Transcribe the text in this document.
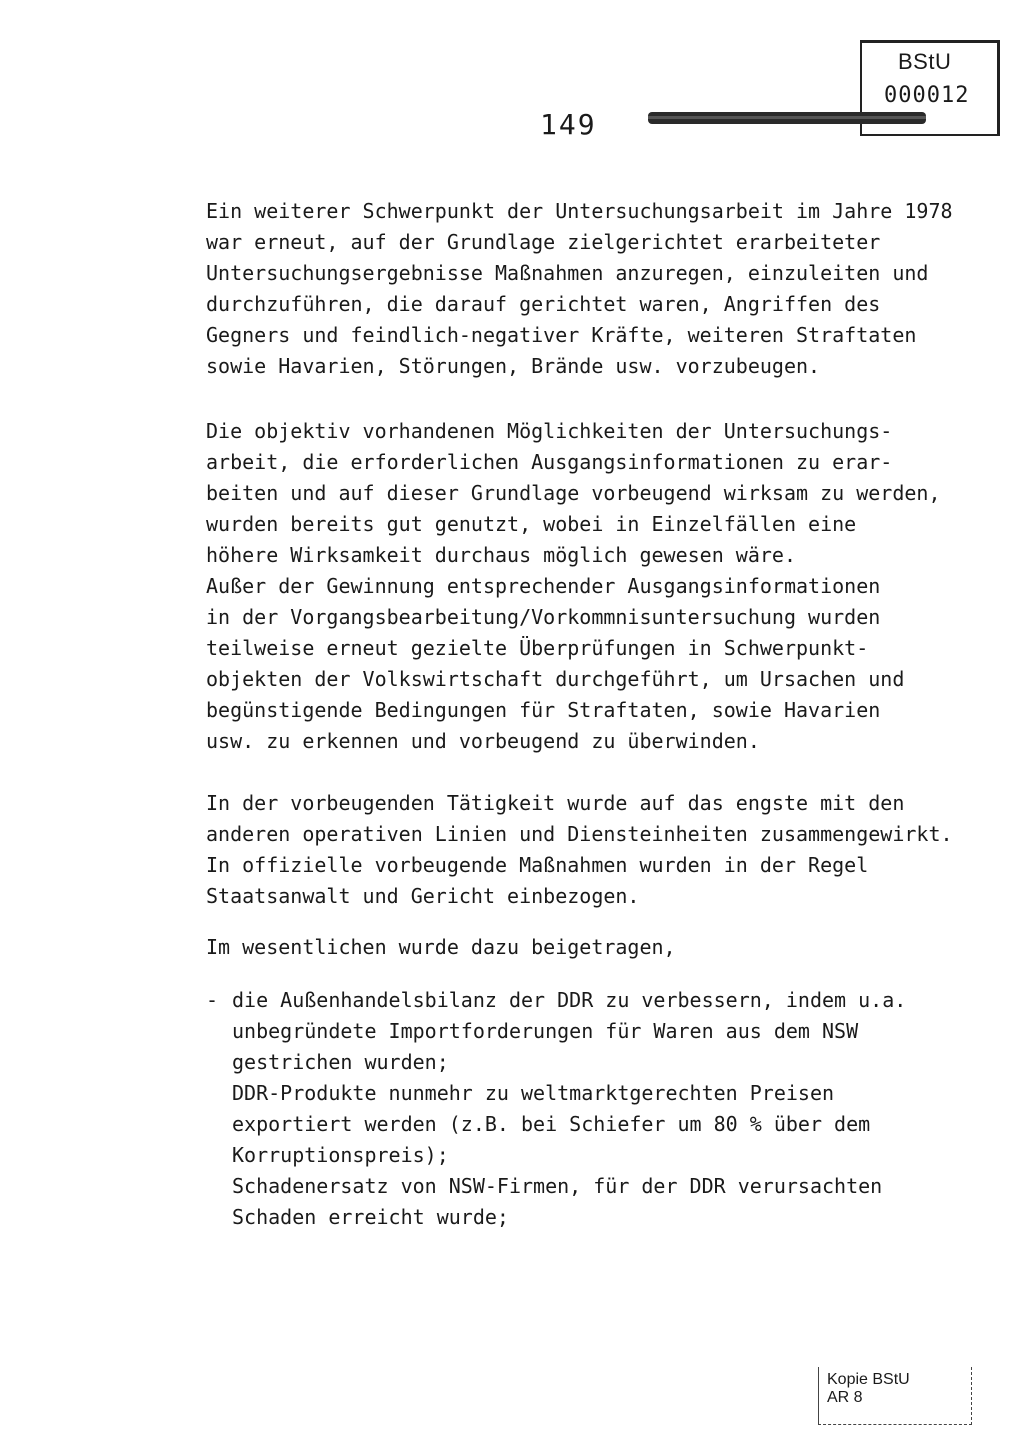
BStU
000012
149

Ein weiterer Schwerpunkt der Untersuchungsarbeit im Jahre 1978
war erneut, auf der Grundlage zielgerichtet erarbeiteter
Untersuchungsergebnisse Maßnahmen anzuregen, einzuleiten und
durchzuführen, die darauf gerichtet waren, Angriffen des
Gegners und feindlich-negativer Kräfte, weiteren Straftaten
sowie Havarien, Störungen, Brände usw. vorzubeugen.

Die objektiv vorhandenen Möglichkeiten der Untersuchungs-
arbeit, die erforderlichen Ausgangsinformationen zu erar-
beiten und auf dieser Grundlage vorbeugend wirksam zu werden,
wurden bereits gut genutzt, wobei in Einzelfällen eine
höhere Wirksamkeit durchaus möglich gewesen wäre.
Außer der Gewinnung entsprechender Ausgangsinformationen
in der Vorgangsbearbeitung/Vorkommnisuntersuchung wurden
teilweise erneut gezielte Überprüfungen in Schwerpunkt-
objekten der Volkswirtschaft durchgeführt, um Ursachen und
begünstigende Bedingungen für Straftaten, sowie Havarien
usw. zu erkennen und vorbeugend zu überwinden.

In der vorbeugenden Tätigkeit wurde auf das engste mit den
anderen operativen Linien und Diensteinheiten zusammengewirkt.
In offizielle vorbeugende Maßnahmen wurden in der Regel
Staatsanwalt und Gericht einbezogen.

Im wesentlichen wurde dazu beigetragen,

- die Außenhandelsbilanz der DDR zu verbessern, indem u.a.
unbegründete Importforderungen für Waren aus dem NSW
gestrichen wurden;
DDR-Produkte nunmehr zu weltmarktgerechten Preisen
exportiert werden (z.B. bei Schiefer um 80 % über dem
Korruptionspreis);
Schadenersatz von NSW-Firmen, für der DDR verursachten
Schaden erreicht wurde;

Kopie BStU
AR 8
